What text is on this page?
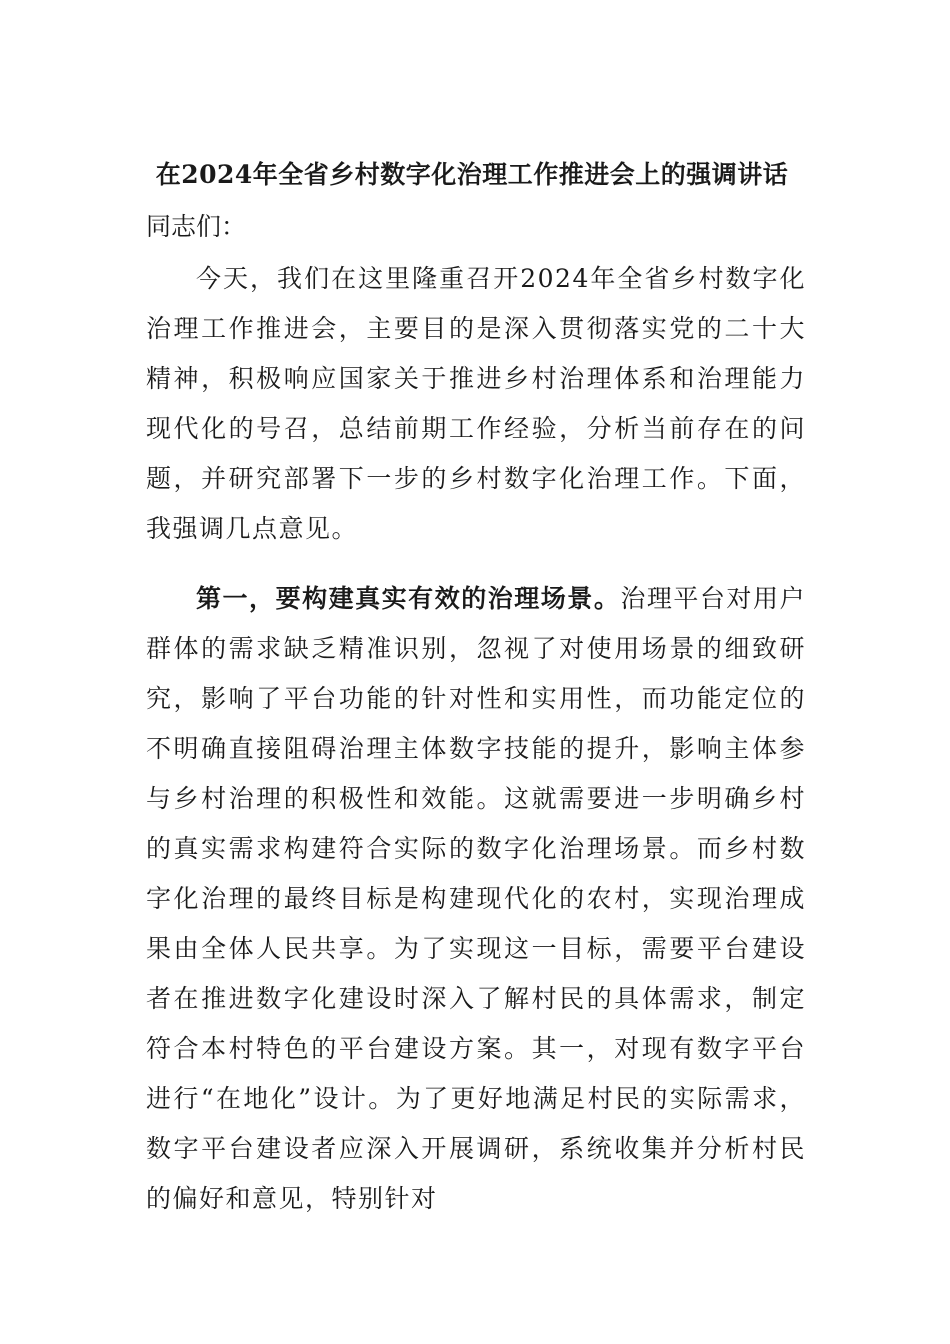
在2024年全省乡村数字化治理工作推进会上的强调讲话
同志们：
今天，我们在这里隆重召开2024年全省乡村数字化治理工作推进会，主要目的是深入贯彻落实党的二十大精神，积极响应国家关于推进乡村治理体系和治理能力现代化的号召，总结前期工作经验，分析当前存在的问题，并研究部署下一步的乡村数字化治理工作。下面，我强调几点意见。
第一，要构建真实有效的治理场景。治理平台对用户群体的需求缺乏精准识别，忽视了对使用场景的细致研究，影响了平台功能的针对性和实用性，而功能定位的不明确直接阻碍治理主体数字技能的提升，影响主体参与乡村治理的积极性和效能。这就需要进一步明确乡村的真实需求构建符合实际的数字化治理场景。而乡村数字化治理的最终目标是构建现代化的农村，实现治理成果由全体人民共享。为了实现这一目标，需要平台建设者在推进数字化建设时深入了解村民的具体需求，制定符合本村特色的平台建设方案。其一，对现有数字平台进行“在地化”设计。为了更好地满足村民的实际需求，数字平台建设者应深入开展调研，系统收集并分析村民的偏好和意见，特别针对
